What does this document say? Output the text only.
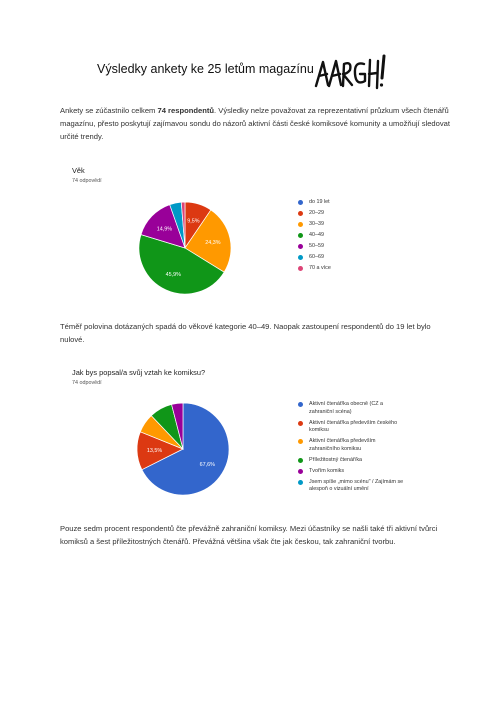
Výsledky ankety ke 25 letům magazínu
Ankety se zúčastnilo celkem 74 respondentů. Výsledky nelze považovat za reprezentativní průzkum všech čtenářů magazínu, přesto poskytují zajímavou sondu do názorů aktivní části české komiksové komunity a umožňují sledovat určité trendy.
Věk
74 odpovědí
9,5%
24,3%
45,9%
14,9%
do 19 let
20–29
30–39
40–49
50–59
60–69
70 a více
Téměř polovina dotázaných spadá do věkové kategorie 40–49. Naopak zastoupení respondentů do 19 let bylo nulové.
Jak bys popsal/a svůj vztah ke komiksu?
74 odpovědí
67,6%
13,5%
Aktivní čtenář/ka obecně (CZ a
zahraniční scéna)
Aktivní čtenář/ka především českého
komiksu
Aktivní čtenář/ka především
zahraničního komiksu
Příležitostný čtenář/ka
Tvořím komiks
Jsem spíše „mimo scénu" / Zajímám se
alespoň o vizuální umění
Pouze sedm procent respondentů čte převážně zahraniční komiksy. Mezi účastníky se našli také tři aktivní tvůrci komiksů a šest příležitostných čtenářů. Převážná většina však čte jak českou, tak zahraniční tvorbu.
